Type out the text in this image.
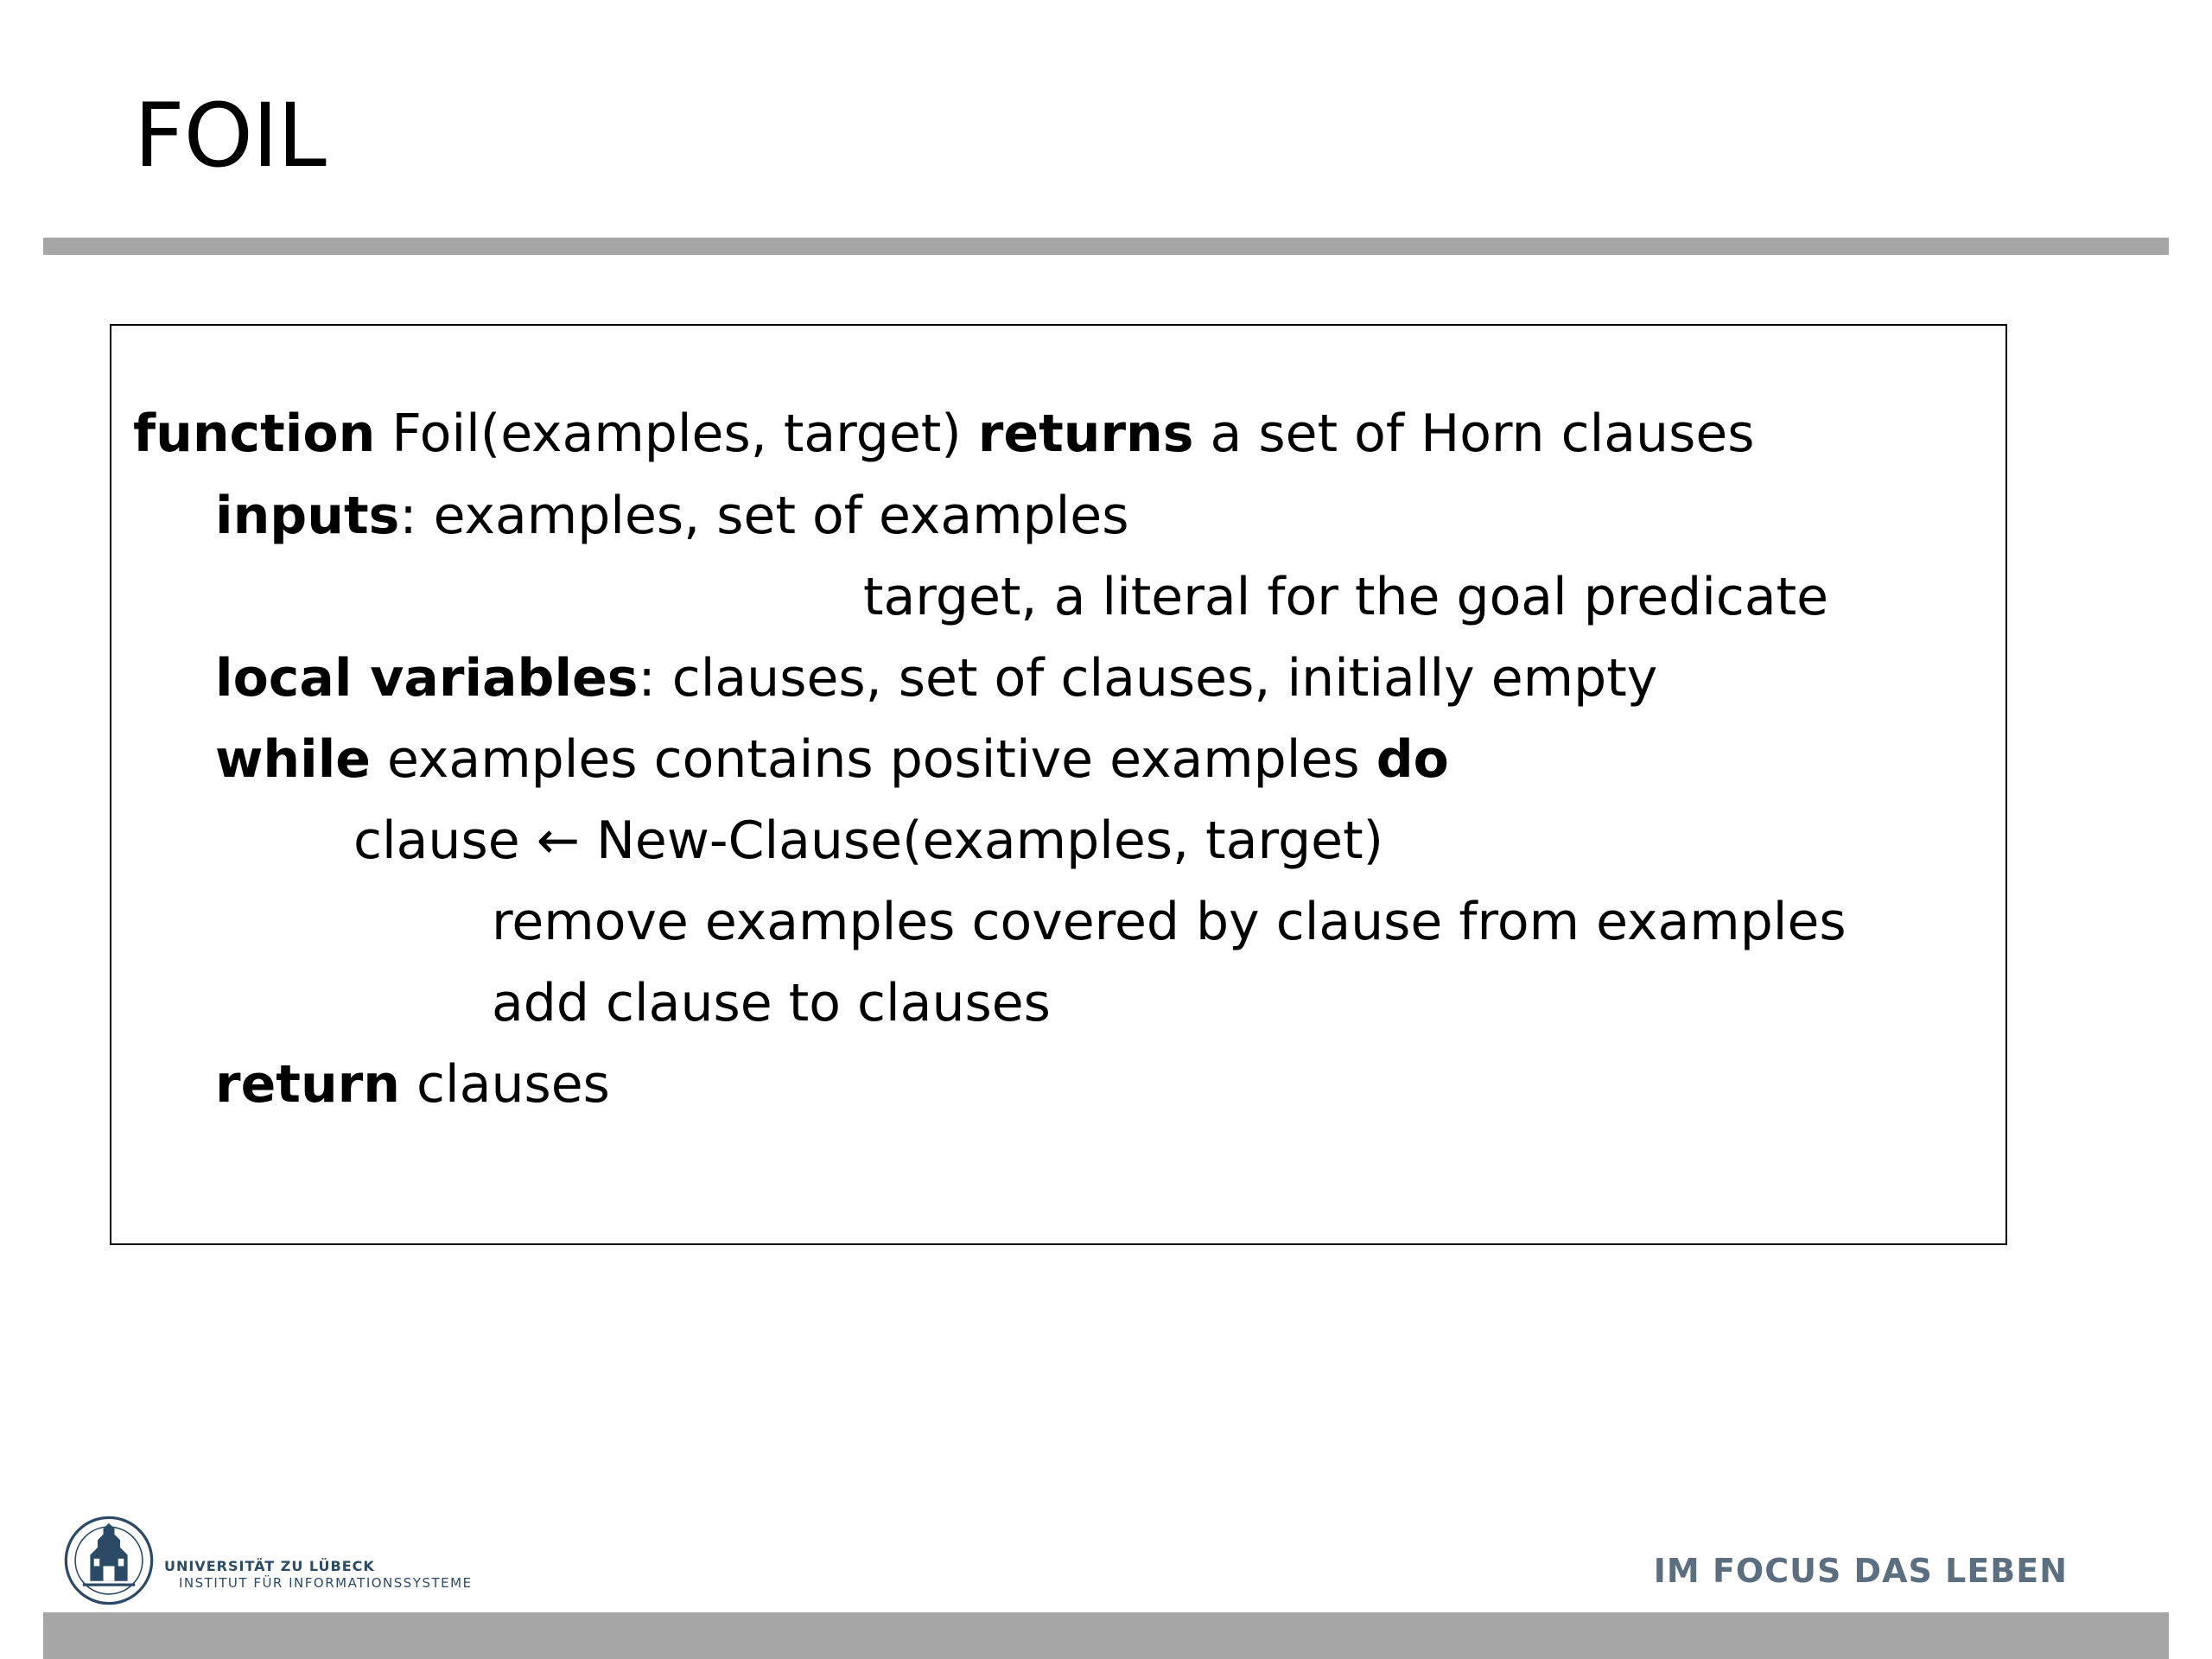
FOIL
function Foil(examples, target) returns a set of Horn clauses
inputs: examples, set of examples
target, a literal for the goal predicate
local variables: clauses, set of clauses, initially empty
while examples contains positive examples do
clause ← New-Clause(examples, target)
remove examples covered by clause from examples
add clause to clauses
return clauses
UNIVERSITÄT ZU LÜBECK
INSTITUT FÜR INFORMATIONSSYSTEME	IM FOCUS DAS LEBEN
